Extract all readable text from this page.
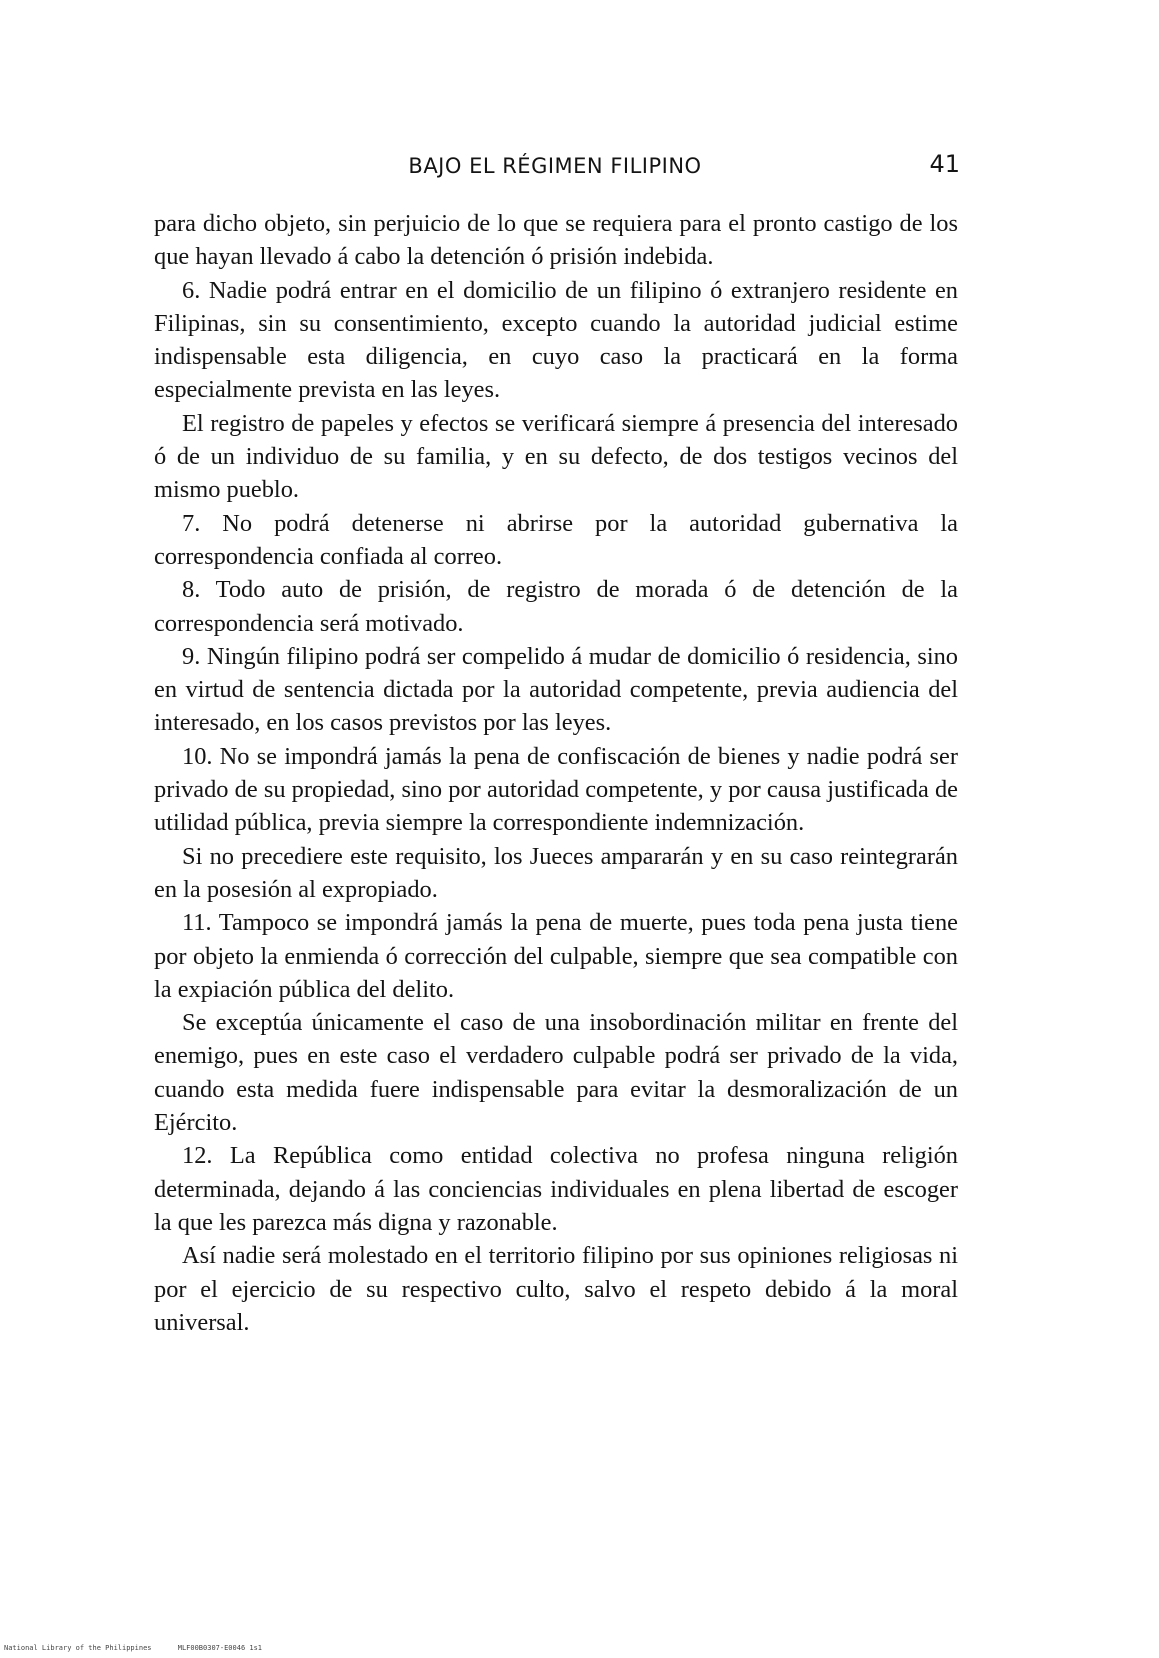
BAJO EL RÉGIMEN FILIPINO	41

para dicho objeto, sin perjuicio de lo que se requiera para el pronto castigo de los que hayan llevado á cabo la detención ó prisión indebida.

6. Nadie podrá entrar en el domicilio de un filipino ó extranjero residente en Filipinas, sin su consentimiento, excepto cuando la autoridad judicial estime indispensable esta diligencia, en cuyo caso la practicará en la forma especialmente prevista en las leyes.

El registro de papeles y efectos se verificará siempre á presencia del interesado ó de un individuo de su familia, y en su defecto, de dos testigos vecinos del mismo pueblo.

7. No podrá detenerse ni abrirse por la autoridad gubernativa la correspondencia confiada al correo.

8. Todo auto de prisión, de registro de morada ó de detención de la correspondencia será motivado.

9. Ningún filipino podrá ser compelido á mudar de domicilio ó residencia, sino en virtud de sentencia dictada por la autoridad competente, previa audiencia del interesado, en los casos previstos por las leyes.

10. No se impondrá jamás la pena de confiscación de bienes y nadie podrá ser privado de su propiedad, sino por autoridad competente, y por causa justificada de utilidad pública, previa siempre la correspondiente indemnización.

Si no precediere este requisito, los Jueces ampararán y en su caso reintegrarán en la posesión al expropiado.

11. Tampoco se impondrá jamás la pena de muerte, pues toda pena justa tiene por objeto la enmienda ó corrección del culpable, siempre que sea compatible con la expiación pública del delito.

Se exceptúa únicamente el caso de una insobordinación militar en frente del enemigo, pues en este caso el verdadero culpable podrá ser privado de la vida, cuando esta medida fuere indispensable para evitar la desmoralización de un Ejército.

12. La República como entidad colectiva no profesa ninguna religión determinada, dejando á las conciencias individuales en plena libertad de escoger la que les parezca más digna y razonable.

Así nadie será molestado en el territorio filipino por sus opiniones religiosas ni por el ejercicio de su respectivo culto, salvo el respeto debido á la moral universal.

National Library of the Philippines	MLF00B0307-E0046 1s1
